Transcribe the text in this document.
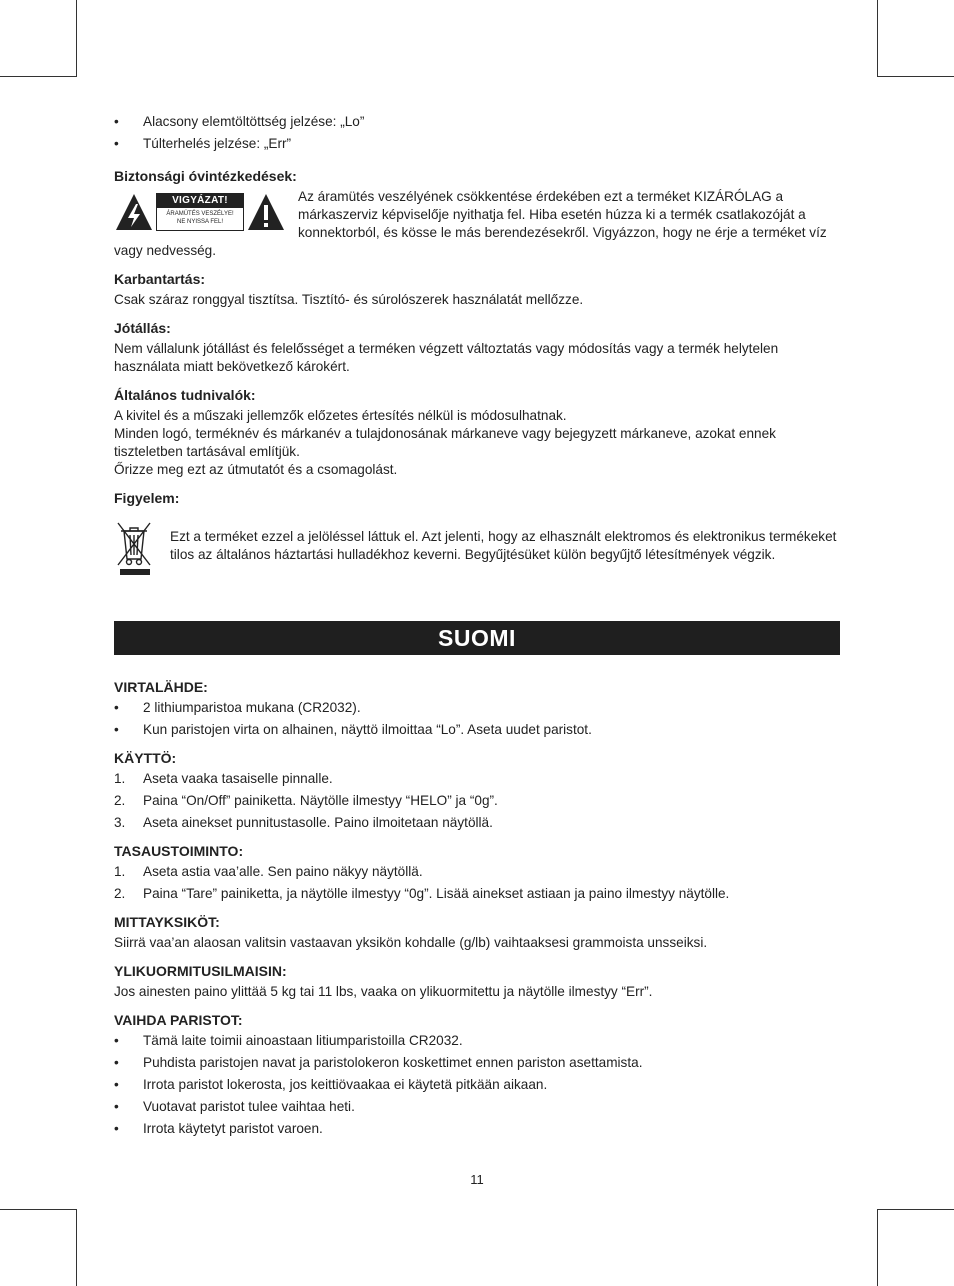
• Alacsony elemtöltöttség jelzése: „Lo”
• Túlterhelés jelzése: „Err”
Biztonsági óvintézkedések:
VIGYÁZAT!
ÁRAMÜTÉS VESZÉLYE!
NE NYISSA FEL!

Az áramütés veszélyének csökkentése érdekében ezt a terméket KIZÁRÓLAG a márkaszerviz képviselője nyithatja fel. Hiba esetén húzza ki a termék csatlakozóját a konnektorból, és kösse le más berendezésekről. Vigyázzon, hogy ne érje a terméket víz vagy nedvesség.

Karbantartás:

Csak száraz ronggyal tisztítsa. Tisztító- és súrolószerek használatát mellőzze.

Jótállás:

Nem vállalunk jótállást és felelősséget a terméken végzett változtatás vagy módosítás vagy a termék helytelen használata miatt bekövetkező károkért.

Általános tudnivalók:

A kivitel és a műszaki jellemzők előzetes értesítés nélkül is módosulhatnak.

Minden logó, terméknév és márkanév a tulajdonosának márkaneve vagy bejegyzett márkaneve, azokat ennek tiszteletben tartásával említjük.

Őrizze meg ezt az útmutatót és a csomagolást.

Figyelem:

Ezt a terméket ezzel a jelöléssel láttuk el. Azt jelenti, hogy az elhasznált elektromos és elektronikus termékeket tilos az általános háztartási hulladékhoz keverni. Begyűjtésüket külön begyűjtő létesítmények végzik.

SUOMI
VIRTALÄHDE:
• 2 lithiumparistoa mukana (CR2032).
• Kun paristojen virta on alhainen, näyttö ilmoittaa “Lo”. Aseta uudet paristot.
KÄYTTÖ:
1. Aseta vaaka tasaiselle pinnalle.
2. Paina “On/Off” painiketta. Näytölle ilmestyy “HELO” ja “0g”.
3. Aseta ainekset punnitustasolle. Paino ilmoitetaan näytöllä.
TASAUSTOIMINTO:
1. Aseta astia vaa’alle. Sen paino näkyy näytöllä.
2. Paina “Tare” painiketta, ja näytölle ilmestyy “0g”. Lisää ainekset astiaan ja paino ilmestyy näytölle.
MITTAYKSIKÖT:

Siirrä vaa’an alaosan valitsin vastaavan yksikön kohdalle (g/lb) vaihtaaksesi grammoista unsseiksi.

YLIKUORMITUSILMAISIN:

Jos ainesten paino ylittää 5 kg tai 11 lbs, vaaka on ylikuormitettu ja näytölle ilmestyy “Err”.

VAIHDA PARISTOT:
• Tämä laite toimii ainoastaan litiumparistoilla CR2032.
• Puhdista paristojen navat ja paristolokeron koskettimet ennen pariston asettamista.
• Irrota paristot lokerosta, jos keittiövaakaa ei käytetä pitkään aikaan.
• Vuotavat paristot tulee vaihtaa heti.
• Irrota käytetyt paristot varoen.
11
